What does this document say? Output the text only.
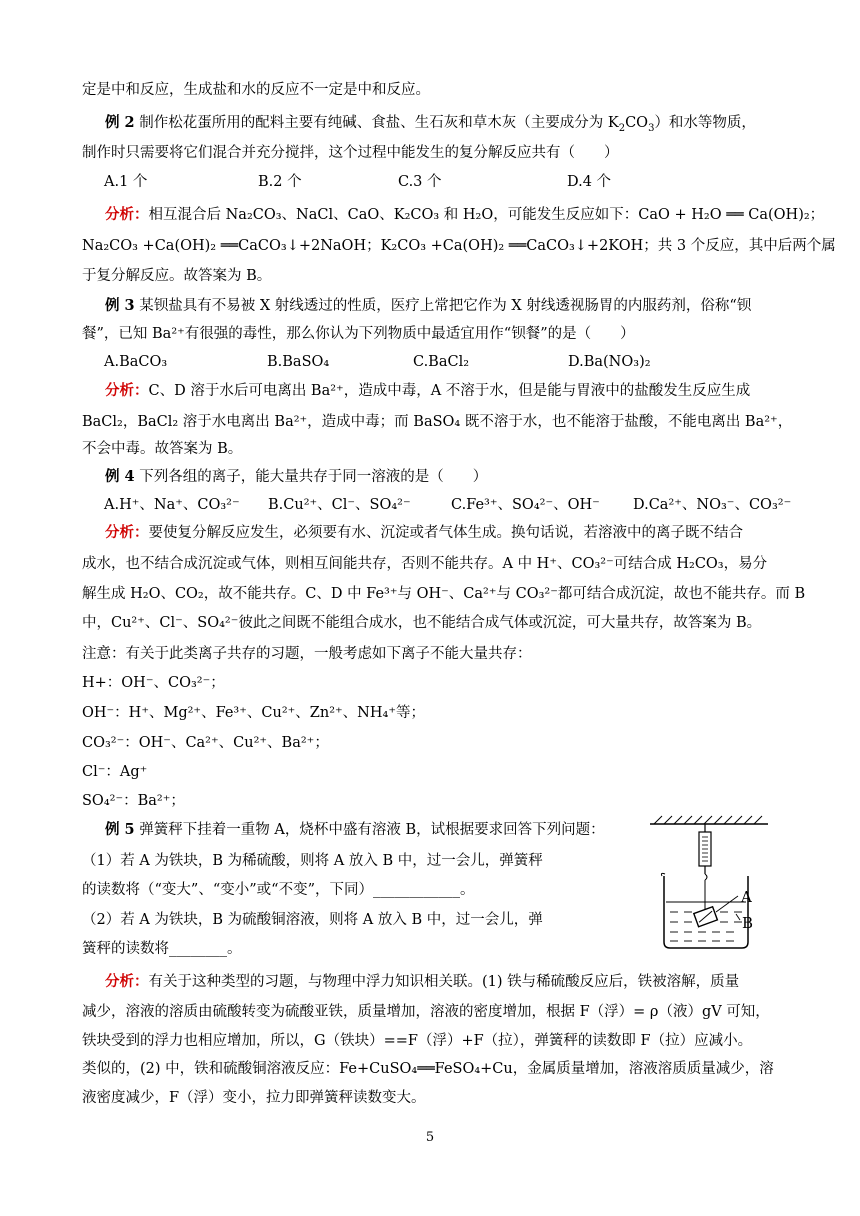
定是中和反应，生成盐和水的反应不一定是中和反应。
例 2 制作松花蛋所用的配料主要有纯碱、食盐、生石灰和草木灰（主要成分为 $K_2CO_3$）和水等物质，
制作时只需要将它们混合并充分搅拌，这个过程中能发生的复分解反应共有（　　）
A.1 个	B.2 个	C.3 个	D.4 个
分析：相互混合后 Na₂CO₃、NaCl、CaO、K₂CO₃ 和 H₂O，可能发生反应如下：CaO + H₂O ══ Ca(OH)₂；
Na₂CO₃ +Ca(OH)₂ ══CaCO₃↓+2NaOH；K₂CO₃ +Ca(OH)₂ ══CaCO₃↓+2KOH；共 3 个反应，其中后两个属
于复分解反应。故答案为 B。
例 3 某钡盐具有不易被 X 射线透过的性质，医疗上常把它作为 X 射线透视肠胃的内服药剂，俗称“钡
餐”，已知 Ba²⁺有很强的毒性，那么你认为下列物质中最适宜用作“钡餐”的是（　　）
A.BaCO₃	B.BaSO₄	C.BaCl₂	D.Ba(NO₃)₂
分析：C、D 溶于水后可电离出 Ba²⁺，造成中毒，A 不溶于水，但是能与胃液中的盐酸发生反应生成
BaCl₂，BaCl₂ 溶于水电离出 Ba²⁺，造成中毒；而 BaSO₄ 既不溶于水，也不能溶于盐酸，不能电离出 Ba²⁺，
不会中毒。故答案为 B。
例 4 下列各组的离子，能大量共存于同一溶液的是（　　）
A.H⁺、Na⁺、CO₃²⁻ B.Cu²⁺、Cl⁻、SO₄²⁻	C.Fe³⁺、SO₄²⁻、OH⁻ D.Ca²⁺、NO₃⁻、CO₃²⁻
分析：要使复分解反应发生，必须要有水、沉淀或者气体生成。换句话说，若溶液中的离子既不结合
成水，也不结合成沉淀或气体，则相互间能共存，否则不能共存。A 中 H⁺、CO₃²⁻可结合成 H₂CO₃，易分
解生成 H₂O、CO₂，故不能共存。C、D 中 Fe³⁺与 OH⁻、Ca²⁺与 CO₃²⁻都可结合成沉淀，故也不能共存。而 B
中，Cu²⁺、Cl⁻、SO₄²⁻彼此之间既不能组合成水，也不能结合成气体或沉淀，可大量共存，故答案为 B。
注意：有关于此类离子共存的习题，一般考虑如下离子不能大量共存：
H+：OH⁻、CO₃²⁻；
OH⁻：H⁺、Mg²⁺、Fe³⁺、Cu²⁺、Zn²⁺、NH₄⁺等；
CO₃²⁻：OH⁻、Ca²⁺、Cu²⁺、Ba²⁺；
Cl⁻：Ag⁺
SO₄²⁻：Ba²⁺；
例 5 弹簧秤下挂着一重物 A，烧杯中盛有溶液 B，试根据要求回答下列问题：
（1）若 A 为铁块，B 为稀硫酸，则将 A 放入 B 中，过一会儿，弹簧秤
的读数将（“变大”、“变小”或“不变”，下同）____________。
（2）若 A 为铁块，B 为硫酸铜溶液，则将 A 放入 B 中，过一会儿，弹
簧秤的读数将________。
A
B
分析：有关于这种类型的习题，与物理中浮力知识相关联。(1) 铁与稀硫酸反应后，铁被溶解，质量
减少，溶液的溶质由硫酸转变为硫酸亚铁，质量增加，溶液的密度增加，根据 F（浮）= ρ（液）gV 可知，
铁块受到的浮力也相应增加，所以，G（铁块）==F（浮）+F（拉），弹簧秤的读数即 F（拉）应减小。
类似的，(2) 中，铁和硫酸铜溶液反应：Fe+CuSO₄══FeSO₄+Cu，金属质量增加，溶液溶质质量减少，溶
液密度减少，F（浮）变小，拉力即弹簧秤读数变大。
5
